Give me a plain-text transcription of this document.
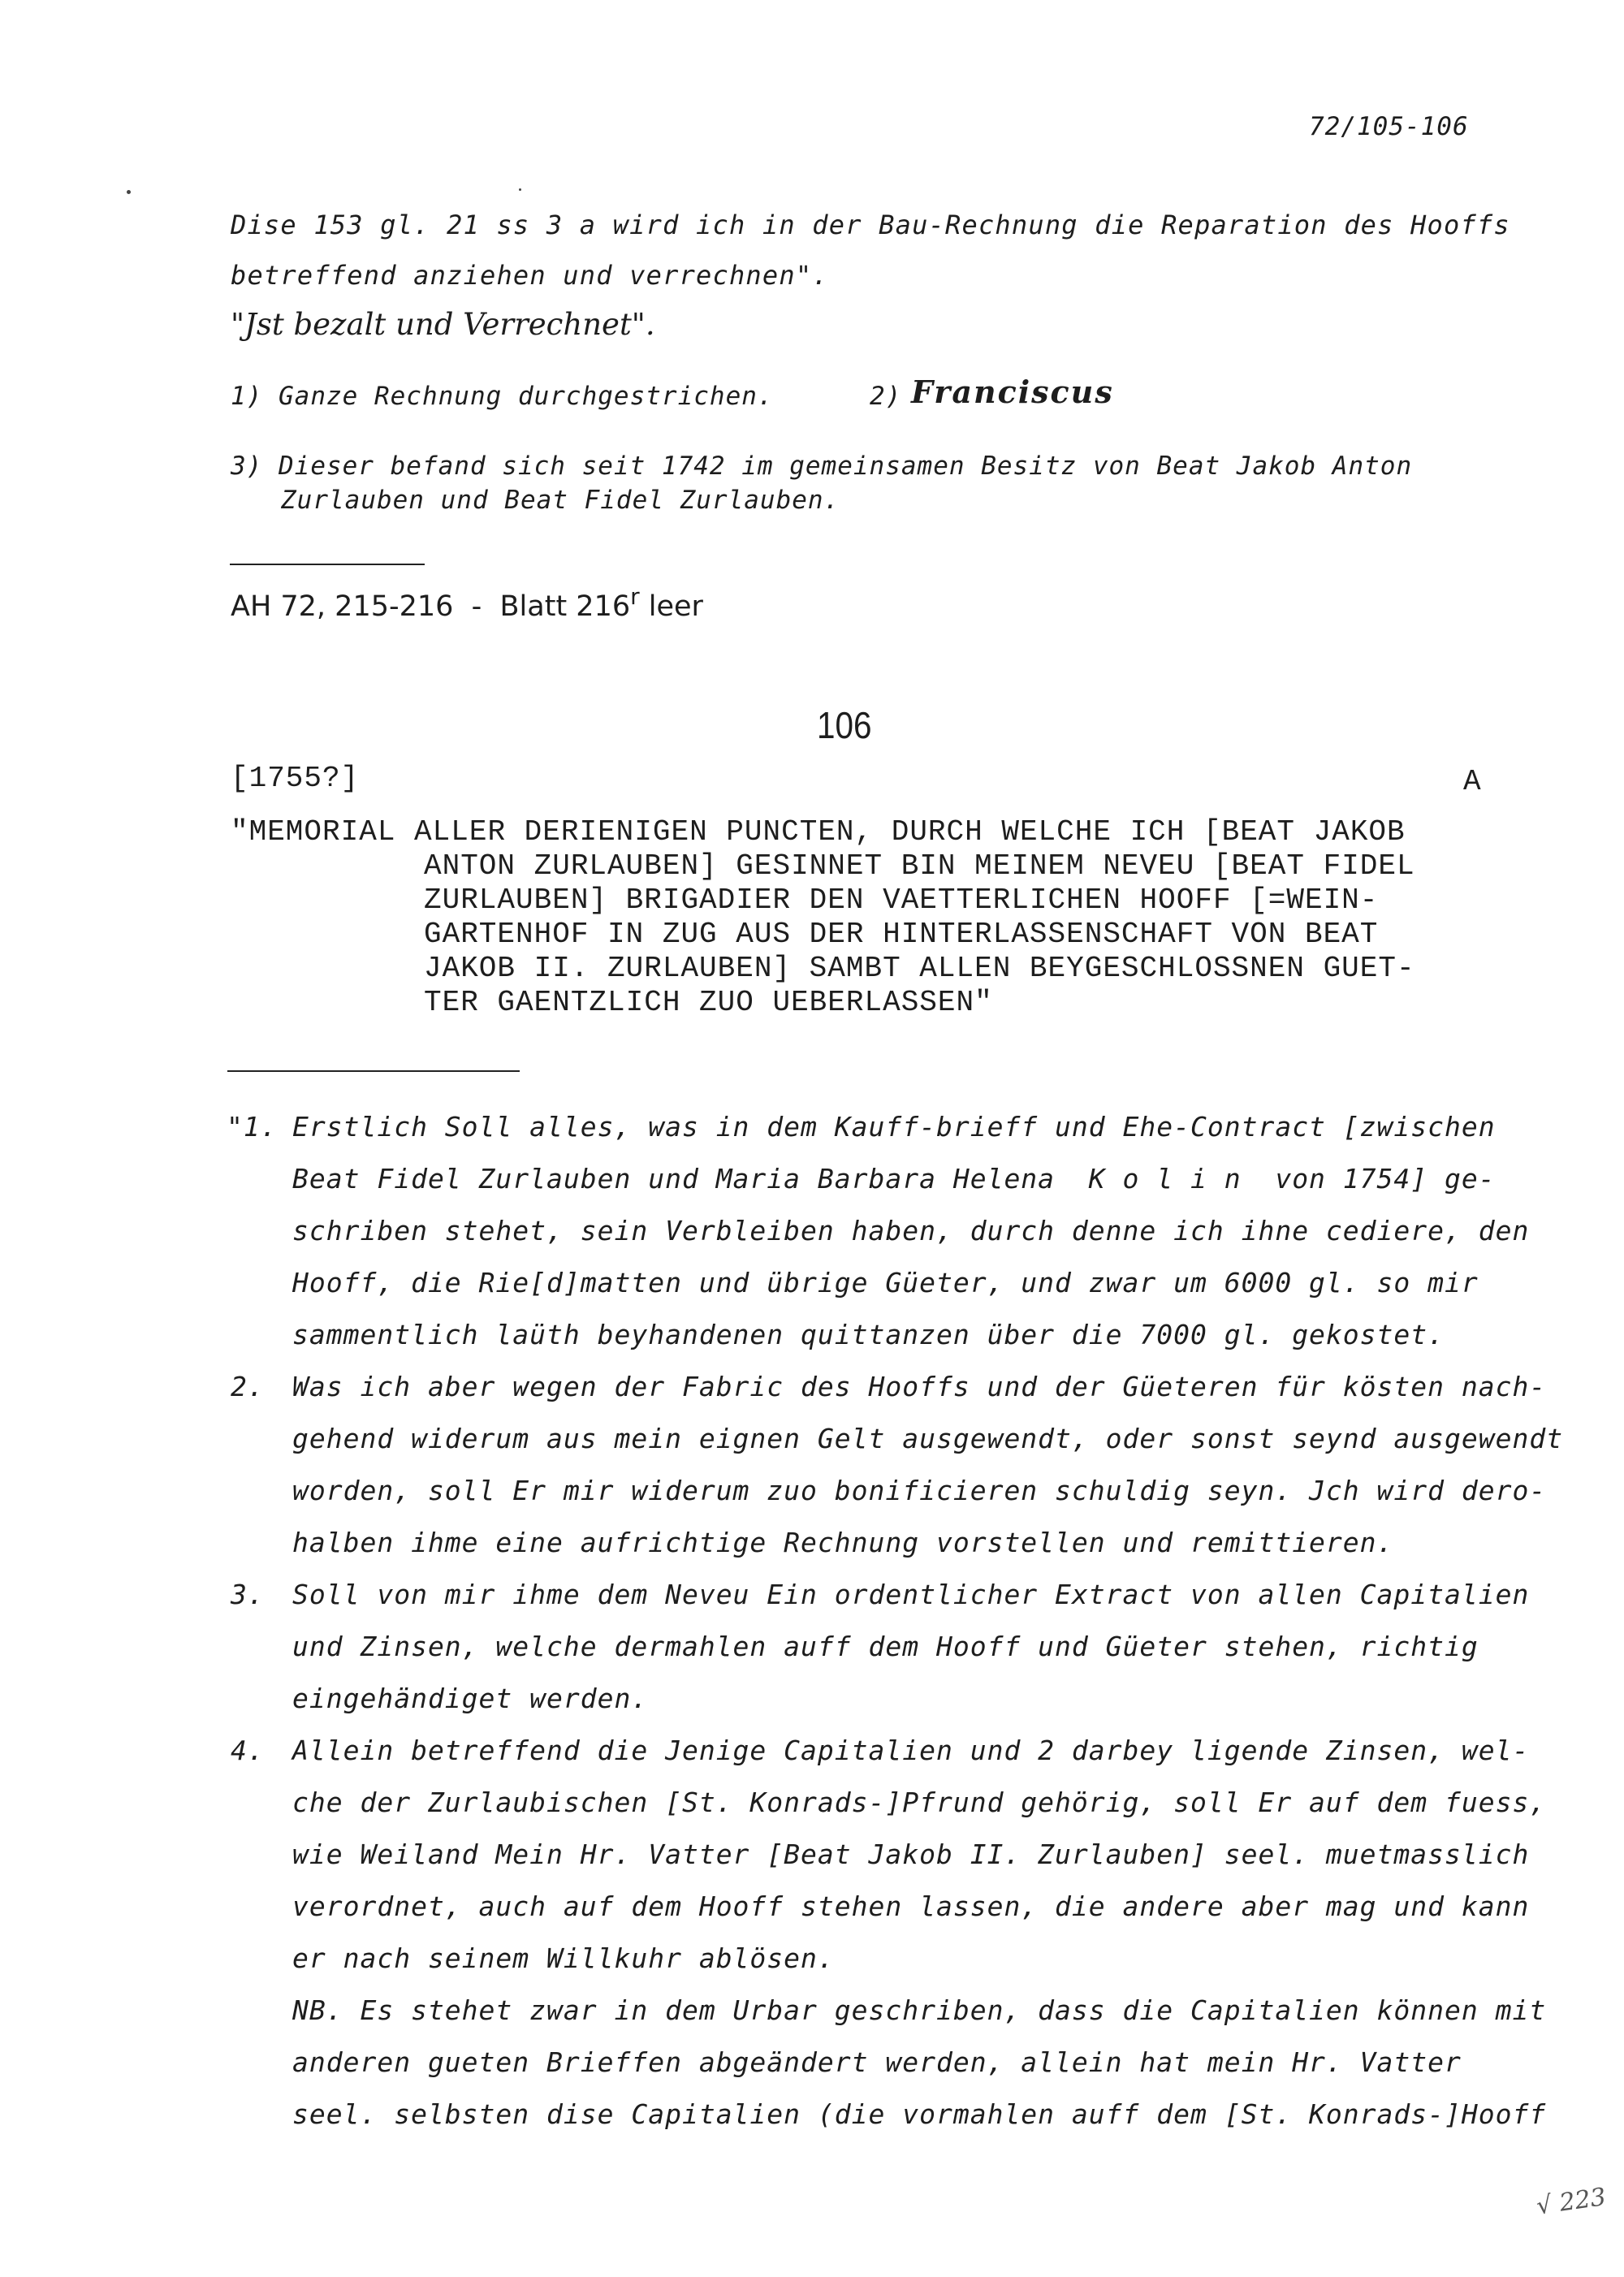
72/105-106
Dise 153 gl. 21 ss 3 a wird ich in der Bau-Rechnung die Reparation des Hooffs
betreffend anziehen und verrechnen".
"Jst bezalt und Verrechnet".
1) Ganze Rechnung durchgestrichen.	2) Franciscus
3) Dieser befand sich seit 1742 im gemeinsamen Besitz von Beat Jakob Anton
Zurlauben und Beat Fidel Zurlauben.
AH 72, 215-216  -  Blatt 216$^r$ leer
106
[1755?]	A
"MEMORIAL ALLER DERIENIGEN PUNCTEN, DURCH WELCHE ICH [BEAT JAKOB
ANTON ZURLAUBEN] GESINNET BIN MEINEM NEVEU [BEAT FIDEL
ZURLAUBEN] BRIGADIER DEN VAETTERLICHEN HOOFF [=WEIN-
GARTENHOF IN ZUG AUS DER HINTERLASSENSCHAFT VON BEAT
JAKOB II. ZURLAUBEN] SAMBT ALLEN BEYGESCHLOSSNEN GUET-
TER GAENTZLICH ZUO UEBERLASSEN"
"1. Erstlich Soll alles, was in dem Kauff-brieff und Ehe-Contract [zwischen
Beat Fidel Zurlauben und Maria Barbara Helena  K o l i n  von 1754] ge-
schriben stehet, sein Verbleiben haben, durch denne ich ihne cediere, den
Hooff, die Rie[d]matten und übrige Güeter, und zwar um 6000 gl. so mir
sammentlich laüth beyhandenen quittanzen über die 7000 gl. gekostet.
2. Was ich aber wegen der Fabric des Hooffs und der Güeteren für kösten nach-
gehend widerum aus mein eignen Gelt ausgewendt, oder sonst seynd ausgewendt
worden, soll Er mir widerum zuo bonificieren schuldig seyn. Jch wird dero-
halben ihme eine aufrichtige Rechnung vorstellen und remittieren.
3. Soll von mir ihme dem Neveu Ein ordentlicher Extract von allen Capitalien
und Zinsen, welche dermahlen auff dem Hooff und Güeter stehen, richtig
eingehändiget werden.
4. Allein betreffend die Jenige Capitalien und 2 darbey ligende Zinsen, wel-
che der Zurlaubischen [St. Konrads-]Pfrund gehörig, soll Er auf dem fuess,
wie Weiland Mein Hr. Vatter [Beat Jakob II. Zurlauben] seel. muetmasslich
verordnet, auch auf dem Hooff stehen lassen, die andere aber mag und kann
er nach seinem Willkuhr ablösen.
NB. Es stehet zwar in dem Urbar geschriben, dass die Capitalien können mit
anderen gueten Brieffen abgeändert werden, allein hat mein Hr. Vatter
seel. selbsten dise Capitalien (die vormahlen auff dem [St. Konrads-]Hooff
√ 223
